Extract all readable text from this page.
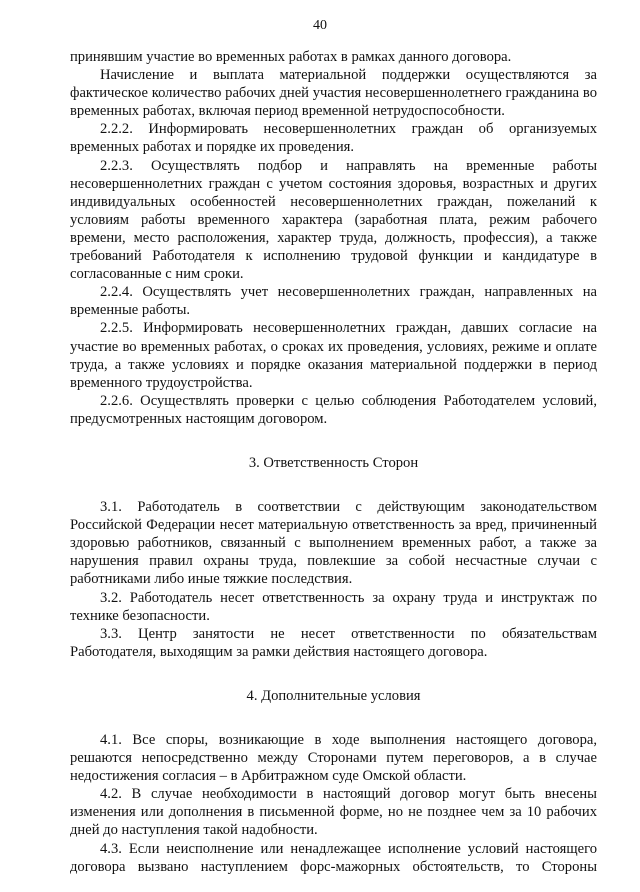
40

принявшим участие во временных работах в рамках данного договора.

Начисление и выплата материальной поддержки осуществляются за фактическое количество рабочих дней участия несовершеннолетнего гражданина во временных работах, включая период временной нетрудоспособности.

2.2.2. Информировать несовершеннолетних граждан об организуемых временных работах и порядке их проведения.

2.2.3. Осуществлять подбор и направлять на временные работы несовершеннолетних граждан с учетом состояния здоровья, возрастных и других индивидуальных особенностей несовершеннолетних граждан, пожеланий к условиям работы временного характера (заработная плата, режим рабочего времени, место расположения, характер труда, должность, профессия), а также требований Работодателя к исполнению трудовой функции и кандидатуре в согласованные с ним сроки.

2.2.4. Осуществлять учет несовершеннолетних граждан, направленных на временные работы.

2.2.5. Информировать несовершеннолетних граждан, давших согласие на участие во временных работах, о сроках их проведения, условиях, режиме и оплате труда, а также условиях и порядке оказания материальной поддержки в период временного трудоустройства.

2.2.6. Осуществлять проверки с целью соблюдения Работодателем условий, предусмотренных настоящим договором.

3. Ответственность Сторон

3.1. Работодатель в соответствии с действующим законодательством Российской Федерации несет материальную ответственность за вред, причиненный здоровью работников, связанный с выполнением временных работ, а также за нарушения правил охраны труда, повлекшие за собой несчастные случаи с работниками либо иные тяжкие последствия.

3.2. Работодатель несет ответственность за охрану труда и инструктаж по технике безопасности.

3.3. Центр занятости не несет ответственности по обязательствам Работодателя, выходящим за рамки действия настоящего договора.

4. Дополнительные условия

4.1. Все споры, возникающие в ходе выполнения настоящего договора, решаются непосредственно между Сторонами путем переговоров, а в случае недостижения согласия – в Арбитражном суде Омской области.

4.2. В случае необходимости в настоящий договор могут быть внесены изменения или дополнения в письменной форме, но не позднее чем за 10 рабочих дней до наступления такой надобности.

4.3. Если неисполнение или ненадлежащее исполнение условий настоящего договора вызвано наступлением форс-мажорных обстоятельств, то Стороны
